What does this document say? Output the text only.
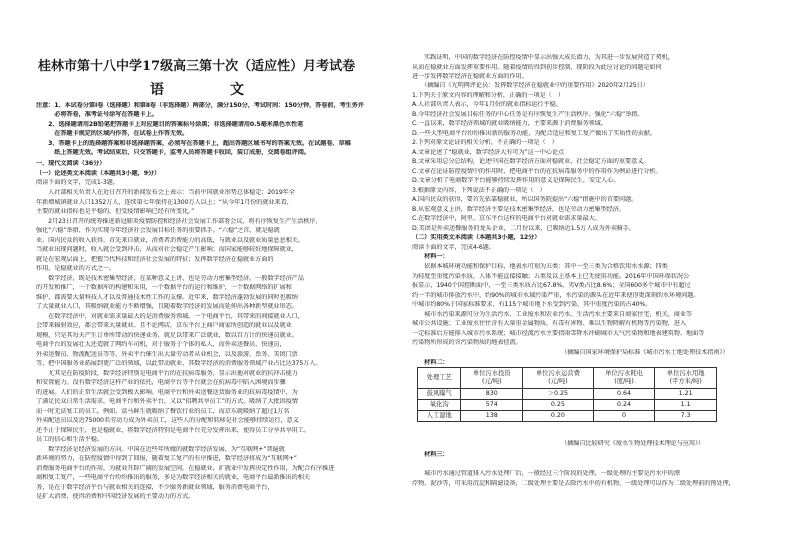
桂林市第十八中学17级高三第十次（适应性）月考试卷
语　文
注意：1、本试卷分第Ⅰ卷（选择题）和第Ⅱ卷（非选择题）两部分，满分150分，考试时间：150分钟，答卷前，考生务并
　　　必将答卷，准考证号涂写在答题卡上。
　　2、选择题请用2B铅笔把答题卡上对应题目的答案标号涂黑；非选择题请用0.5毫米黑色水性笔
　　　在答题卡规定的区域内作答，在试卷上作答无效。
　　3、答题卡上的选择题答案和非选择题答案，必须写在答题卡上，超出答题区域书写的答案无效。在试题卷、草稿
　　　纸上答题无效。考试结束后，只交答题卡，监考人员将答题卡收回，装订成册，交阅卷组评阅。
一、现代文阅读（36分）
（一）论述类文本阅读（本题共3小题，9分）
阅读下面的文字，完成1-3题。
　　人社部相关负责人在近日召开的新闻发布会上表示：当前中国就业形势总体稳定；2019年全
年新增城镇就业人口1352万人，连续第七年保持在1300万人以上；“从今年1月份的就业来看，
主要的就业指标也是平稳的，但受疫情影响已经有所变化。”
　　2月23日召开的统筹推进新冠肺炎疫情防控和经济社会发展工作部署会议，将有序恢复生产生活秩序、
强化“六稳”举措，作为实现今年经济社会发展目标任务的重要抓手。“六稳”之首，就是稳就
业。国内民众的收入获得，首先来自就业，消费者消费能力的高低，与就业以及就业质量息息相关。
当就业出现问题时，收入就会受到冲击，从而对社会稳定产生影响；而国家能够较好地保障就业，
就是在宏观层面上，把握当代科技和经济社会发展的特征；发挥数字经济在稳就业方面的
作用，是稳就业的方式之一。
　　数字经济，既是技术密集型经济，在某种意义上讲，也是劳动力密集型经济。一般数字经济产品
的开发和推广，一个数据库的构建和采用，一个数据平台的运行和维护，一个数据网络的扩展和
维护，都需要大量科技人才以及普通技术性工作的支撑。近年来，数字经济蓬勃发展的同时也吸纳
了大量就业人口，其吸纳就业能力不断增强，且随着数字经济的发展而延伸出各种新型就业形态。
　　在数字经济中，对就业需求量最大的是消费服务领域。一个电商平台，其带来的间接就业人口，
会带来辐射效应，都会带来大量就业。且不论网店，京东平台上商户商家所创造的就业以及就业
规模，只是其每天产生订单所带动的快递业务，就足以带来广泛就业，数以百万计的快递员就业。
电商平台的发展壮大还造就了网约车司机，对于服务于个体的私人，而外卖送餐员、快递员，
外卖送餐员、物流配送员等等，外卖平台催生出大量劳动者从业机会，以及旅游、票务、美团门票
等，把中国服务业拓展到更广泛的领域，以此带动就业，其数字经济的消费服务领域产业占比达375万人。
　　尤其是在防疫阶段，数字经济特别是电商平台的在抗病毒服务，显示出他对就业的抗冲击能力
和安置能力。没有数字经济这样产业的依托，电商平台等平台就会在抗病毒中陷入困境而步骤
的进展。人们的正常生活就会受到极大影响。电商平台和外卖送餐送货服务业的抗病毒疫情中，为
了满足民众日常生活需求，电商平台和外卖平台，又以“招聘共享员工”的方式，吸纳了大批因疫情
而一时无法复工的员工。例如，盒马鲜生就吸纳了餐饮行业的员工，而京东就吸纳了超过1万名
外卖配送员以及近75000名劳动力成为外卖员工，这些人的分配和转移是社会能够持续运行，意义
还不止于保障民生，也是稳就业，将数字经济特别是电商平台充分发挥出来，使得员工分享共享用工。
员工的信心和生活平稳。
　　数字经济是经济发展的方向。中国在近些年所做的就数字经济发展、为“互联网+”普遍就
新环境的努力，在防控疫情中得到了回报，随着复工复产的有序推进，数字经济将成为“互联网+”
消费服务电商平台的作用，为就业开辟广阔的发展空间。在稳就业，扩就业中发挥决定性作用，为配合有序推进
商和复工复产，一些电商平台纷纷推出的服务，多是为数字经济相关的就业，电商平台最新推出的相关
务，是在于数字经济平台与就业相关的连接，不少服务新就业领域，服务消费电商平台，
是扩大消费，使得消费和中国经济发展的主要动力的方式。
　　实践证明，中国的数字经济在防控疫情中显示出强大成长潜力，为其进一步发展营造了契机，
从而在稳就业方面发挥重要作用。随着疫情的得到初步控制，现阶段为此应讨论的问题是如何
进一步发挥数字经济在稳就业方面的作用。
　　（摘编自《光明网评论员：发挥数字经济在稳就业中的重要作用》2020年2月25日）
1.下列关于原文内容的理解和分析，正确的一项是（　）
A.人社部负责人表示，今年1月份的就业指标运行平稳。
B.今年经济社会发展目标任务的中心任务是有序恢复生产生活秩序、强化“六稳”举措。
C.一直以来，数字经济领域的就业吸纳能力，主要来源于消费服务领域。
D.一些大型电商平台纷纷推出新的服务功能，为配合适应和复工复产做出了实质性的贡献。
2.下列对原文论证的相关分析，不正确的一项是（　）
A.文章论述了“稳就业，数字经济大有可为”这一中心论点
B.文章采用总分总结构，论述中国在数字经济方面对稳就业、社会稳定方面的重要意义。
C.文章在论证防控疫情中的作用时，把电商平台的在抗病毒服务中的作用作为例证进行分析。
D.文章分析了电商数字平台能够持续发挥作用的意义是保障民生，安定人心。
3.根据原文内容，下列说法不正确的一项是（　）
A.国内民众的获得，要首先依靠稳就业，所以国务院提出“六稳”措施中的首要问题。
B.从宏观意义上讲，数字经济主要是技术密集型经济，也是劳动力密集型经济。
C.在数字经济中，阿里、京东平台这样的电商平台对就业需求量最大。
D.美团是外卖送餐服务的龙头企业，二月份以来，已吸纳近1.5万人成为外卖骑手。
（二）实用类文本阅读（本题共3小题，12分）
阅读下面的文字，完成4-6题。
　　材料一：
　　依据本城环境功能和保护目标，地表水可划为五类：其中一至三类为合格饮用水水源；四类
为轻度至重度污染水质，人体不能直接接触；五类及以上基本上已无使用功能。2016年中国环保状况公
报显示，1940个国控断面中，一至三类水质占比67.8%，劣V类占比8.6%；全国600多个城市中有超过
约一半的城市排放污水中，约90%的城市水域污染严重，水污染的源头在近年来使得更深刻的水环境问题。
中城市约80%于国家标准要求，有115个城市地下水受到污染，其中重度污染的占40%。
　　城市水污染来源可分为生活污水、工业废水和农业污水。生活污水主要来自商家住宅、机关、商业等
城市公共设施；工业废水往往含有大量重金属物质，有毒有害物、难以生物降解有机物等污染物，进入
一定标准后方能排入城市污水系统；城市径流污水主要指雨雪降水冲刷城市大气污染物和地表建筑物、地面等
污染物所形成的含污染物质的地表径流。
　　　　　　　　　　　　　　　　　　　　　　　　　（摘编自国家环境保护局标准《城市污水土地处理技术指南》）
　　材料二：
　　　　　　　　　　　　　　　　　　　　　　　　　（摘编自比较研究《废水生物处理技术理论与应用》）
　　材料三：
　　城市污水通过管道排入污水处理厂后，一般经过三个阶段的处理，一级处理的主要是污水中的漂
浮物、泥沙等，可采用沉淀和隔滤设备，二级处理主要是去除污水中的有机物，一级处理可以作为二级处理前的预处理，
处理工艺	单位污水投资
(元/吨)	单位污水运营费
(元/吨)	单位污水耗电
(度/吨)	单位污水用地
(平方米/吨)
鼓风曝气	830	＞0.25	0.64	1.21
氧化沟	574	0.25	0.24	1.1
人工湿地	138	0.20	0	7.3
